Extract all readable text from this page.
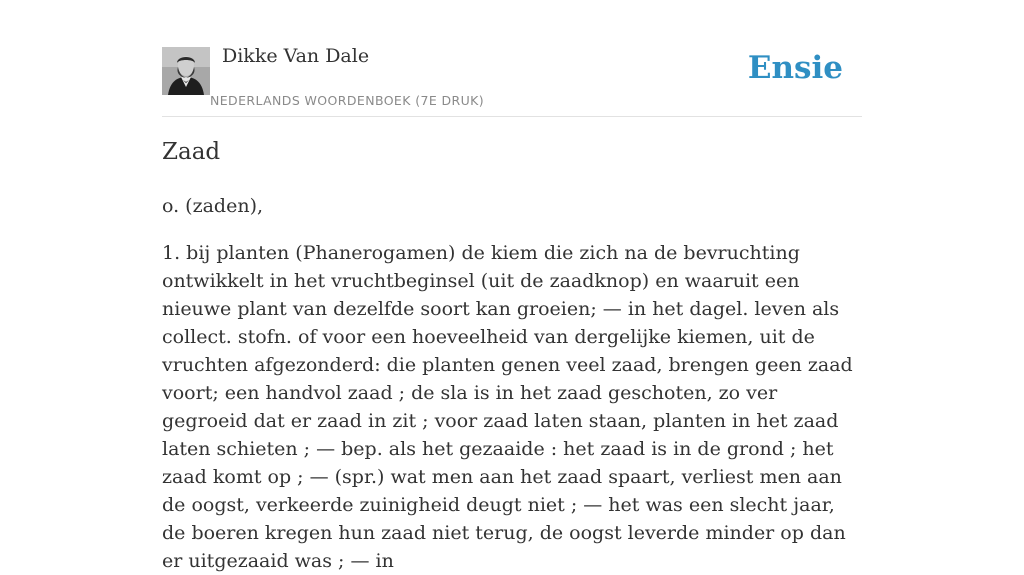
Dikke Van Dale
NEDERLANDS WOORDENBOEK (7E DRUK)
Ensie
Zaad

o. (zaden),

1. bij planten (Phanerogamen) de kiem die zich na de bevruchting ontwikkelt in het vruchtbeginsel (uit de zaadknop) en waaruit een nieuwe plant van dezelfde soort kan groeien; — in het dagel. leven als collect. stofn. of voor een hoeveelheid van dergelijke kiemen, uit de vruchten afgezonderd: die planten genen veel zaad, brengen geen zaad voort; een handvol zaad ; de sla is in het zaad geschoten, zo ver gegroeid dat er zaad in zit ; voor zaad laten staan, planten in het zaad laten schieten ; — bep. als het gezaaide : het zaad is in de grond ; het zaad komt op ; — (spr.) wat men aan het zaad spaart, verliest men aan de oogst, verkeerde zuinigheid deugt niet ; — het was een slecht jaar, de boeren kregen hun zaad niet terug, de oogst leverde minder op dan er uitgezaaid was ; — in
